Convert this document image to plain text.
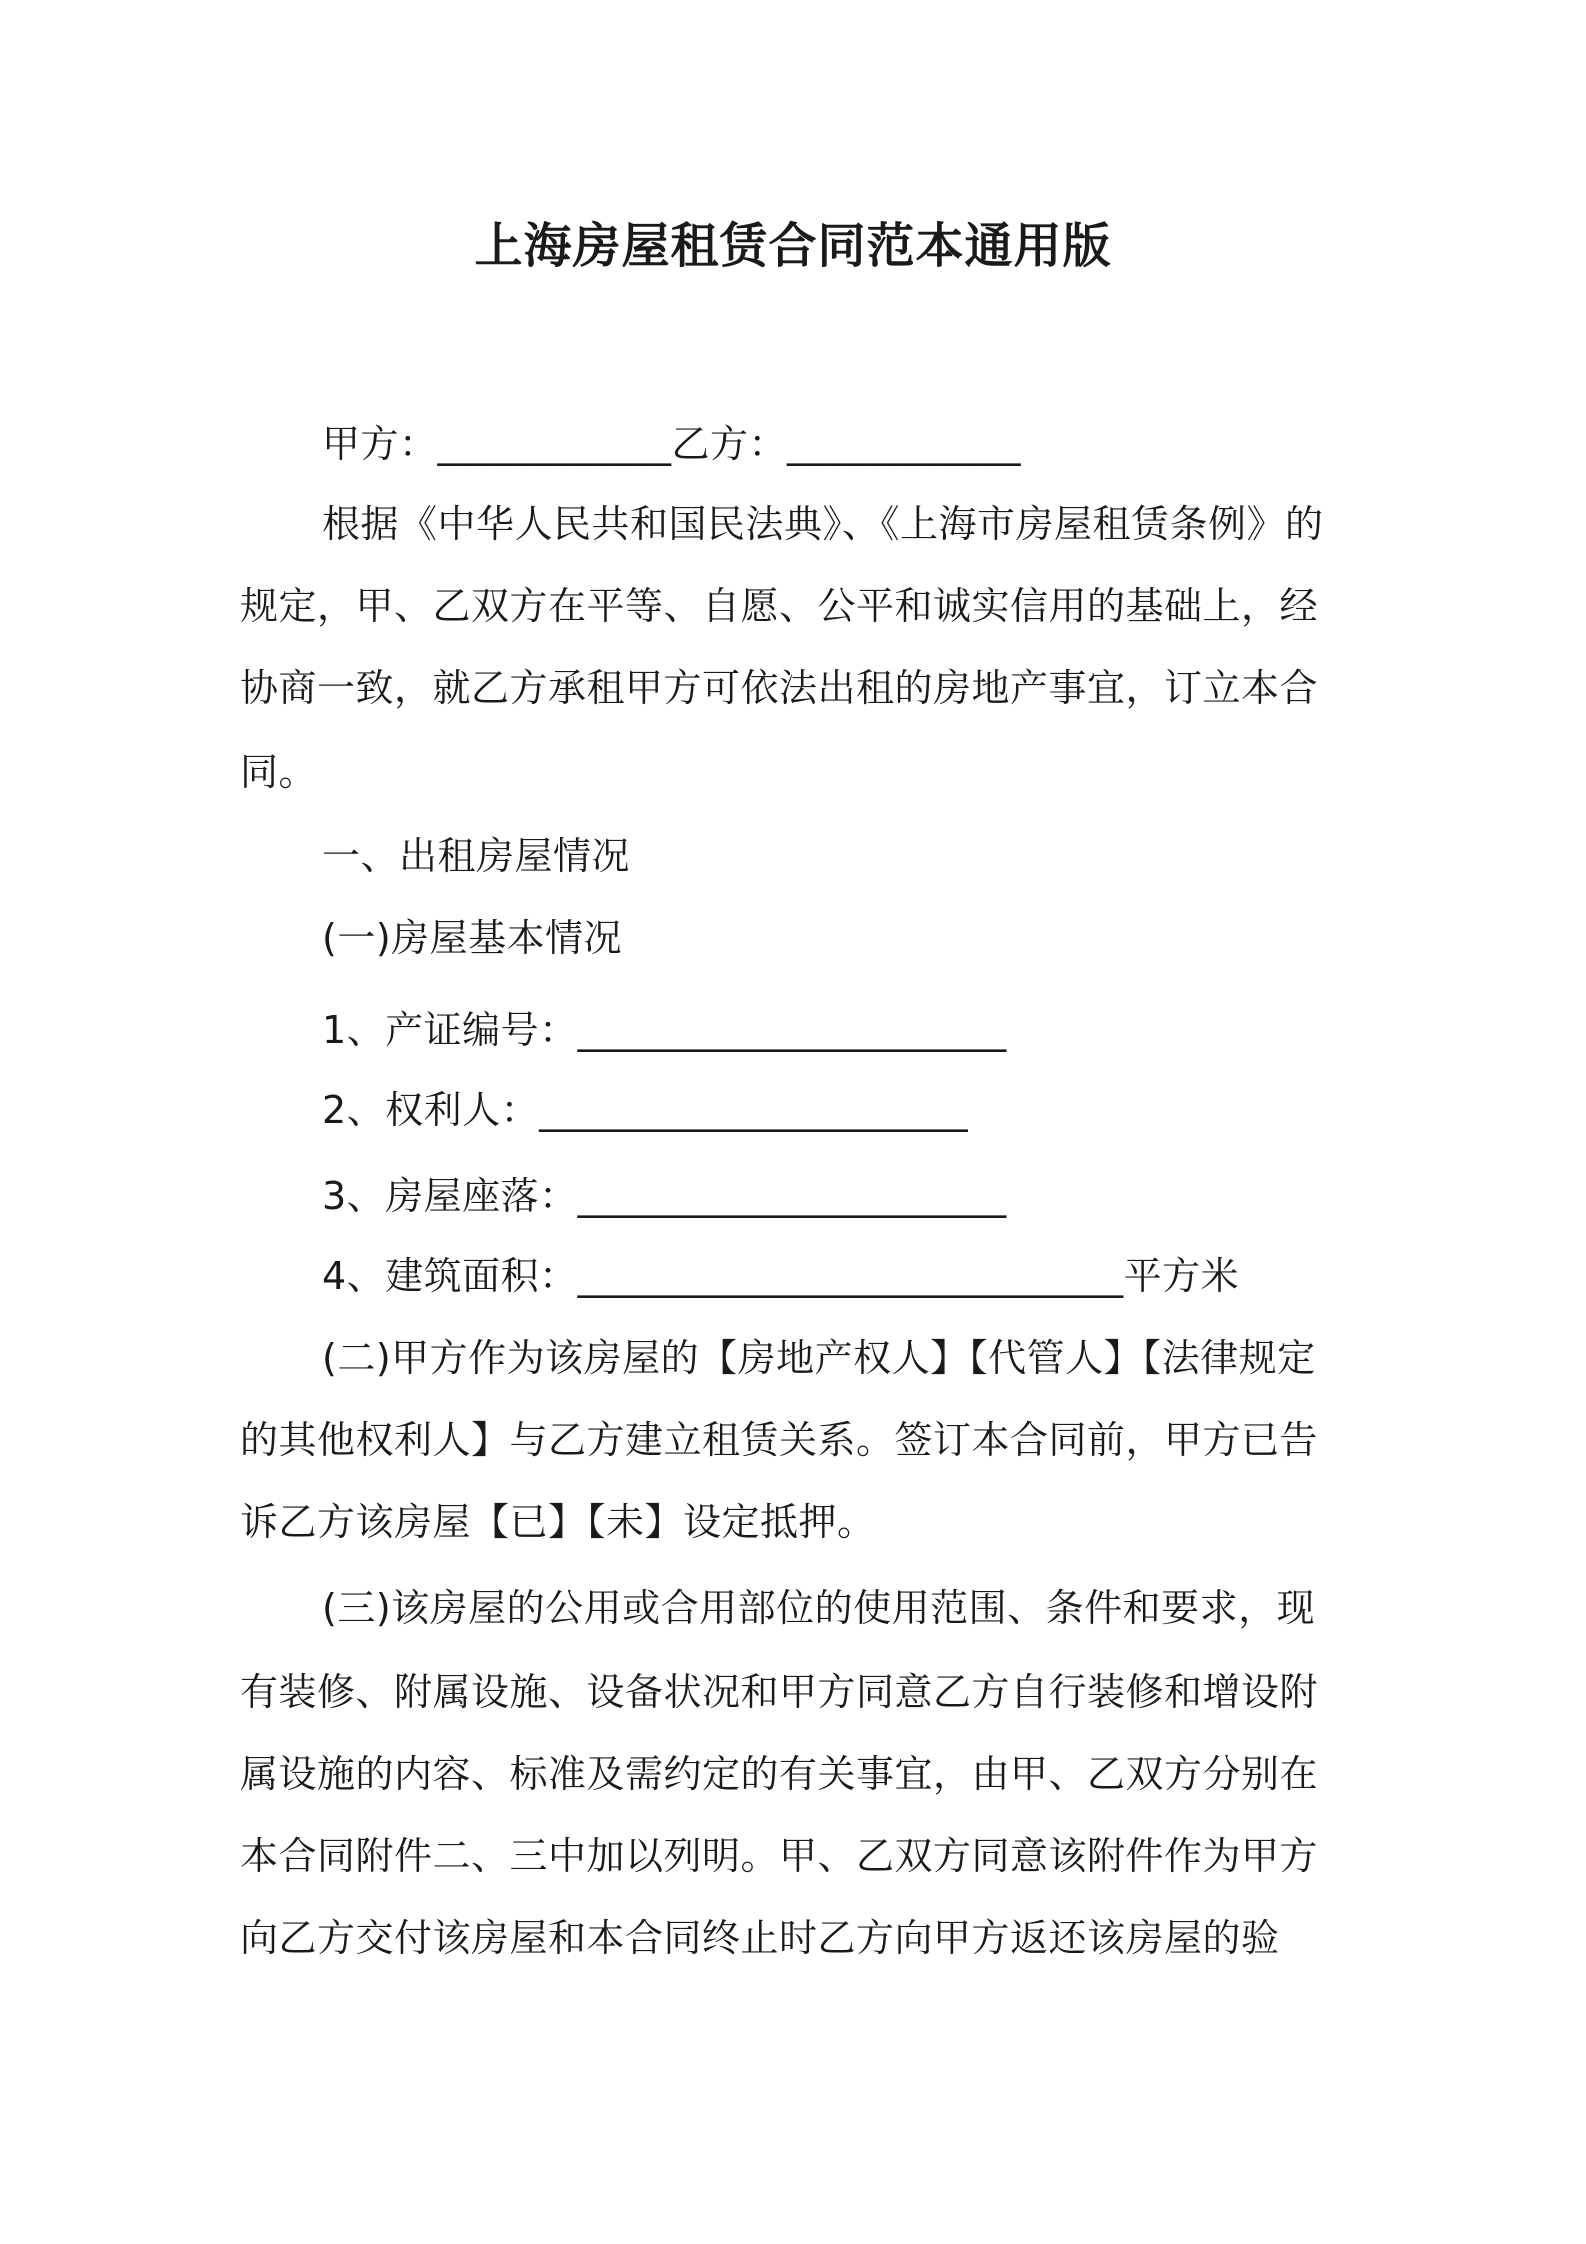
上海房屋租赁合同范本通用版
甲方：____________乙方：____________
根据《中华人民共和国民法典》、《上海市房屋租赁条例》的
规定，甲、乙双方在平等、自愿、公平和诚实信用的基础上，经
协商一致，就乙方承租甲方可依法出租的房地产事宜，订立本合
同。
一、出租房屋情况
(一)房屋基本情况
1、产证编号：______________________
2、权利人：______________________
3、房屋座落：______________________
4、建筑面积：____________________________平方米
(二)甲方作为该房屋的【房地产权人】【代管人】【法律规定
的其他权利人】与乙方建立租赁关系。签订本合同前，甲方已告
诉乙方该房屋【已】【未】设定抵押。
(三)该房屋的公用或合用部位的使用范围、条件和要求，现
有装修、附属设施、设备状况和甲方同意乙方自行装修和增设附
属设施的内容、标准及需约定的有关事宜，由甲、乙双方分别在
本合同附件二、三中加以列明。甲、乙双方同意该附件作为甲方
向乙方交付该房屋和本合同终止时乙方向甲方返还该房屋的验
